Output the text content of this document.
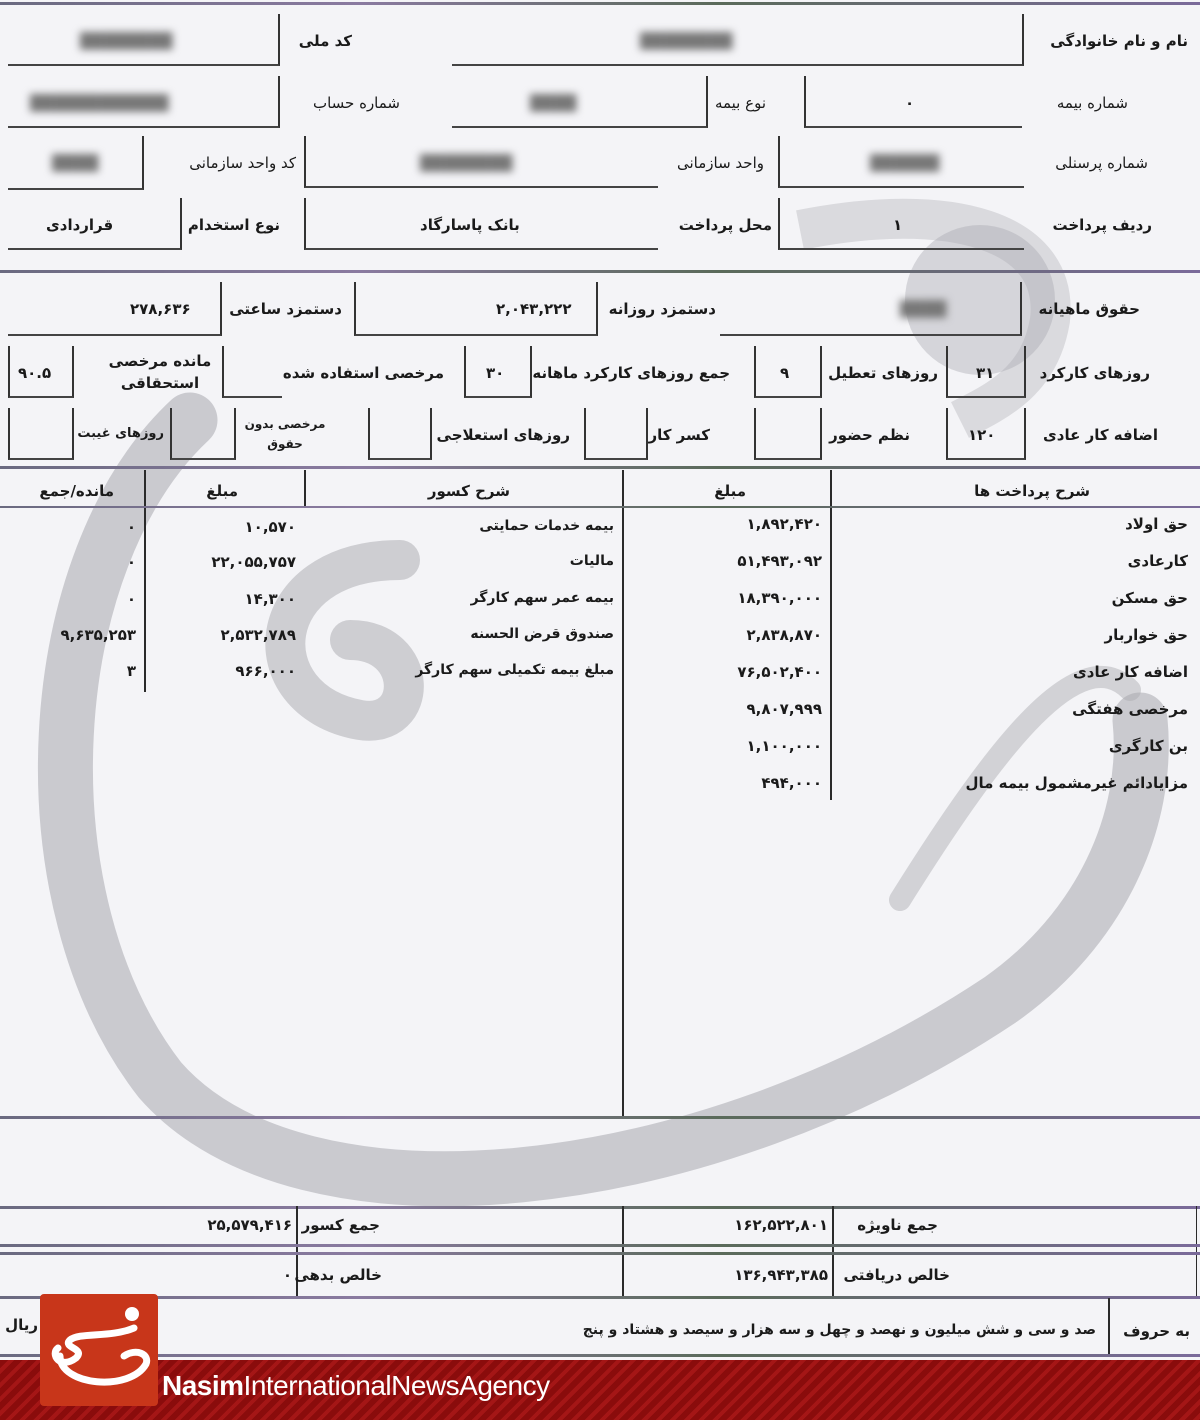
نام و نام خانوادگی
████████
کد ملی
████████
شماره بیمه
۰
نوع بیمه
████
شماره حساب
████████████
شماره پرسنلی
██████
واحد سازمانی
████████
کد واحد سازمانی
████
ردیف پرداخت
۱
محل پرداخت
بانک پاسارگاد
نوع استخدام
قراردادی
حقوق ماهیانه
████
دستمزد روزانه
۲,۰۴۳,۲۲۲
دستمزد ساعتی
۲۷۸,۶۳۶
روزهای کارکرد
۳۱
روزهای تعطیل
۹
جمع روزهای کارکرد ماهانه
۳۰
مرخصی استفاده شده
مانده مرخصی استحقاقی
۹۰.۵
اضافه کار عادی
۱۲۰
نظم حضور
کسر کار
روزهای استعلاجی
مرخصی بدون حقوق
روزهای غیبت
شرح پرداخت ها
مبلغ
شرح کسور
مبلغ
مانده/جمع
حق اولاد
۱,۸۹۲,۴۲۰
کارعادی
۵۱,۴۹۳,۰۹۲
حق مسکن
۱۸,۳۹۰,۰۰۰
حق خواربار
۲,۸۳۸,۸۷۰
اضافه کار عادی
۷۶,۵۰۲,۴۰۰
مرخصی هفتگی
۹,۸۰۷,۹۹۹
بن کارگری
۱,۱۰۰,۰۰۰
مزایادائم غیرمشمول بیمه مال
۴۹۴,۰۰۰
بیمه خدمات حمایتی
۱۰,۵۷۰
۰
مالیات
۲۲,۰۵۵,۷۵۷
۰
بیمه عمر سهم کارگر
۱۴,۳۰۰
۰
صندوق قرض الحسنه
۲,۵۳۲,۷۸۹
۹,۶۳۵,۲۵۳
مبلغ بیمه تکمیلی سهم کارگر
۹۶۶,۰۰۰
۳
جمع ناویژه
۱۶۲,۵۲۲,۸۰۱
جمع کسور
۲۵,۵۷۹,۴۱۶
خالص دریافتی
۱۳۶,۹۴۳,۳۸۵
خالص بدهی
۰
به حروف
صد و سی و شش میلیون و نهصد و چهل و سه هزار و سیصد و هشتاد و پنج
ریال
NasimInternationalNewsAgency
